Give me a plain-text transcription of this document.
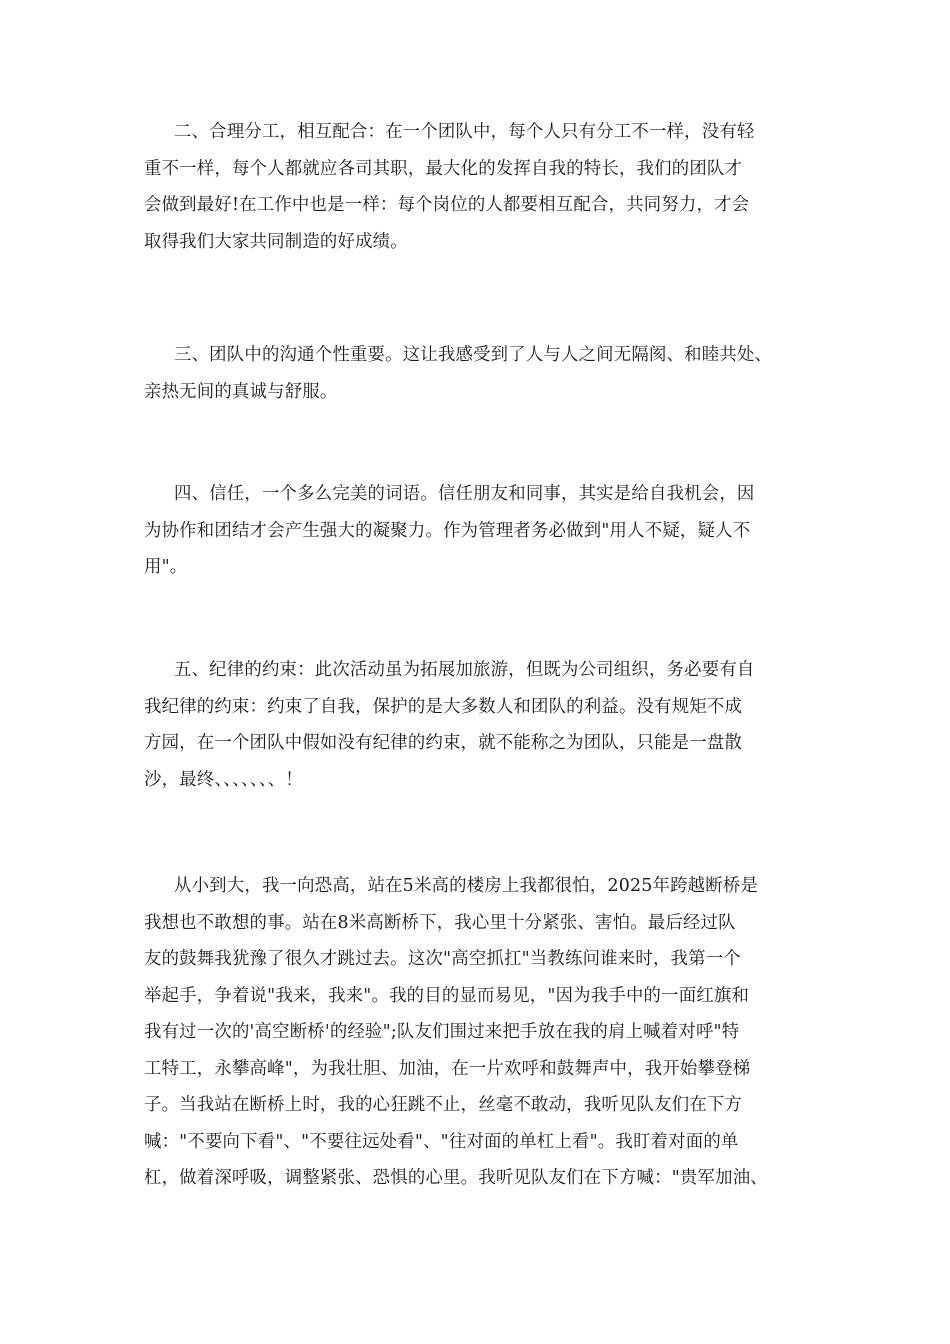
二、合理分工，相互配合：在一个团队中，每个人只有分工不一样，没有轻
重不一样，每个人都就应各司其职，最大化的发挥自我的特长，我们的团队才
会做到最好!在工作中也是一样：每个岗位的人都要相互配合，共同努力，才会
取得我们大家共同制造的好成绩。
三、团队中的沟通个性重要。这让我感受到了人与人之间无隔阂、和睦共处、
亲热无间的真诚与舒服。
四、信任，一个多么完美的词语。信任朋友和同事，其实是给自我机会，因
为协作和团结才会产生强大的凝聚力。作为管理者务必做到"用人不疑，疑人不
用"。
五、纪律的约束：此次活动虽为拓展加旅游，但既为公司组织，务必要有自
我纪律的约束：约束了自我，保护的是大多数人和团队的利益。没有规矩不成
方园，在一个团队中假如没有纪律的约束，就不能称之为团队，只能是一盘散
沙，最终、、、、、、、！
从小到大，我一向恐高，站在5米高的楼房上我都很怕，2025年跨越断桥是
我想也不敢想的事。站在8米高断桥下，我心里十分紧张、害怕。最后经过队
友的鼓舞我犹豫了很久才跳过去。这次"高空抓扛"当教练问谁来时，我第一个
举起手，争着说"我来，我来"。我的目的显而易见，"因为我手中的一面红旗和
我有过一次的'高空断桥'的经验";队友们围过来把手放在我的肩上喊着对呼"特
工特工，永攀高峰"，为我壮胆、加油，在一片欢呼和鼓舞声中，我开始攀登梯
子。当我站在断桥上时，我的心狂跳不止，丝毫不敢动，我听见队友们在下方
喊："不要向下看"、"不要往远处看"、"往对面的单杠上看"。我盯着对面的单
杠，做着深呼吸，调整紧张、恐惧的心里。我听见队友们在下方喊："贵军加油、
